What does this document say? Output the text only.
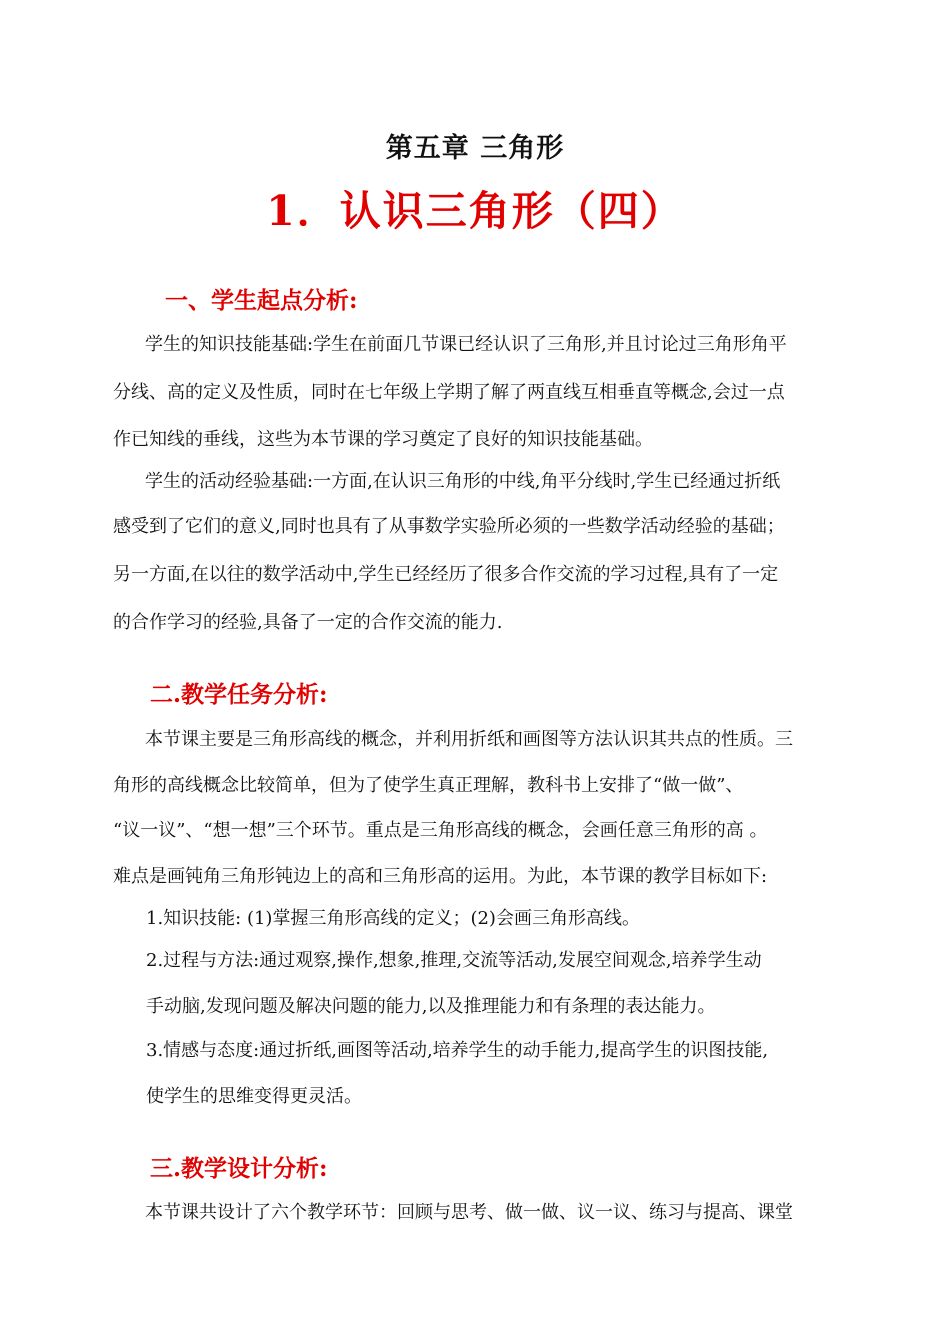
第五章 三角形
1．认识三角形（四）
一、学生起点分析:
学生的知识技能基础:学生在前面几节课已经认识了三角形,并且讨论过三角形角平
分线、高的定义及性质，同时在七年级上学期了解了两直线互相垂直等概念,会过一点
作已知线的垂线，这些为本节课的学习奠定了良好的知识技能基础。
学生的活动经验基础:一方面,在认识三角形的中线,角平分线时,学生已经通过折纸
感受到了它们的意义,同时也具有了从事数学实验所必须的一些数学活动经验的基础；
另一方面,在以往的数学活动中,学生已经经历了很多合作交流的学习过程,具有了一定
的合作学习的经验,具备了一定的合作交流的能力.
二.教学任务分析:
本节课主要是三角形高线的概念，并利用折纸和画图等方法认识其共点的性质。三
角形的高线概念比较简单，但为了使学生真正理解，教科书上安排了“做一做”、
“议一议”、“想一想”三个环节。重点是三角形高线的概念，会画任意三角形的高 。
难点是画钝角三角形钝边上的高和三角形高的运用。为此，本节课的教学目标如下:
1.知识技能: (1)掌握三角形高线的定义；(2)会画三角形高线。
2.过程与方法:通过观察,操作,想象,推理,交流等活动,发展空间观念,培养学生动
手动脑,发现问题及解决问题的能力,以及推理能力和有条理的表达能力。
3.情感与态度:通过折纸,画图等活动,培养学生的动手能力,提高学生的识图技能,
使学生的思维变得更灵活。
三.教学设计分析:
本节课共设计了六个教学环节：回顾与思考、做一做、议一议、练习与提高、课堂
